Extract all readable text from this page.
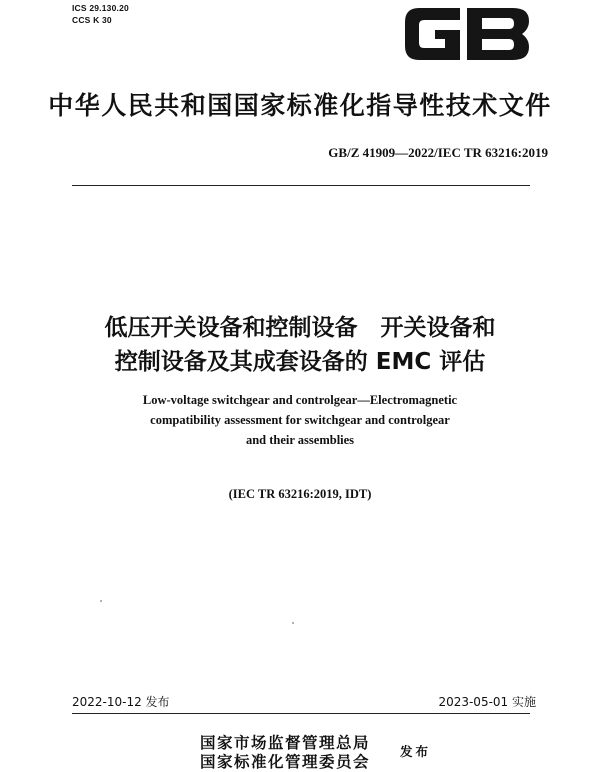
ICS 29.130.20
CCS K 30
中华人民共和国国家标准化指导性技术文件
GB/Z 41909—2022/IEC TR 63216:2019
低压开关设备和控制设备　开关设备和
控制设备及其成套设备的 EMC 评估
Low-voltage switchgear and controlgear—Electromagnetic
compatibility assessment for switchgear and controlgear
and their assemblies
(IEC TR 63216:2019, IDT)
2022-10-12 发布	2023-05-01 实施
国家市场监督管理总局
国家标准化管理委员会
发布
